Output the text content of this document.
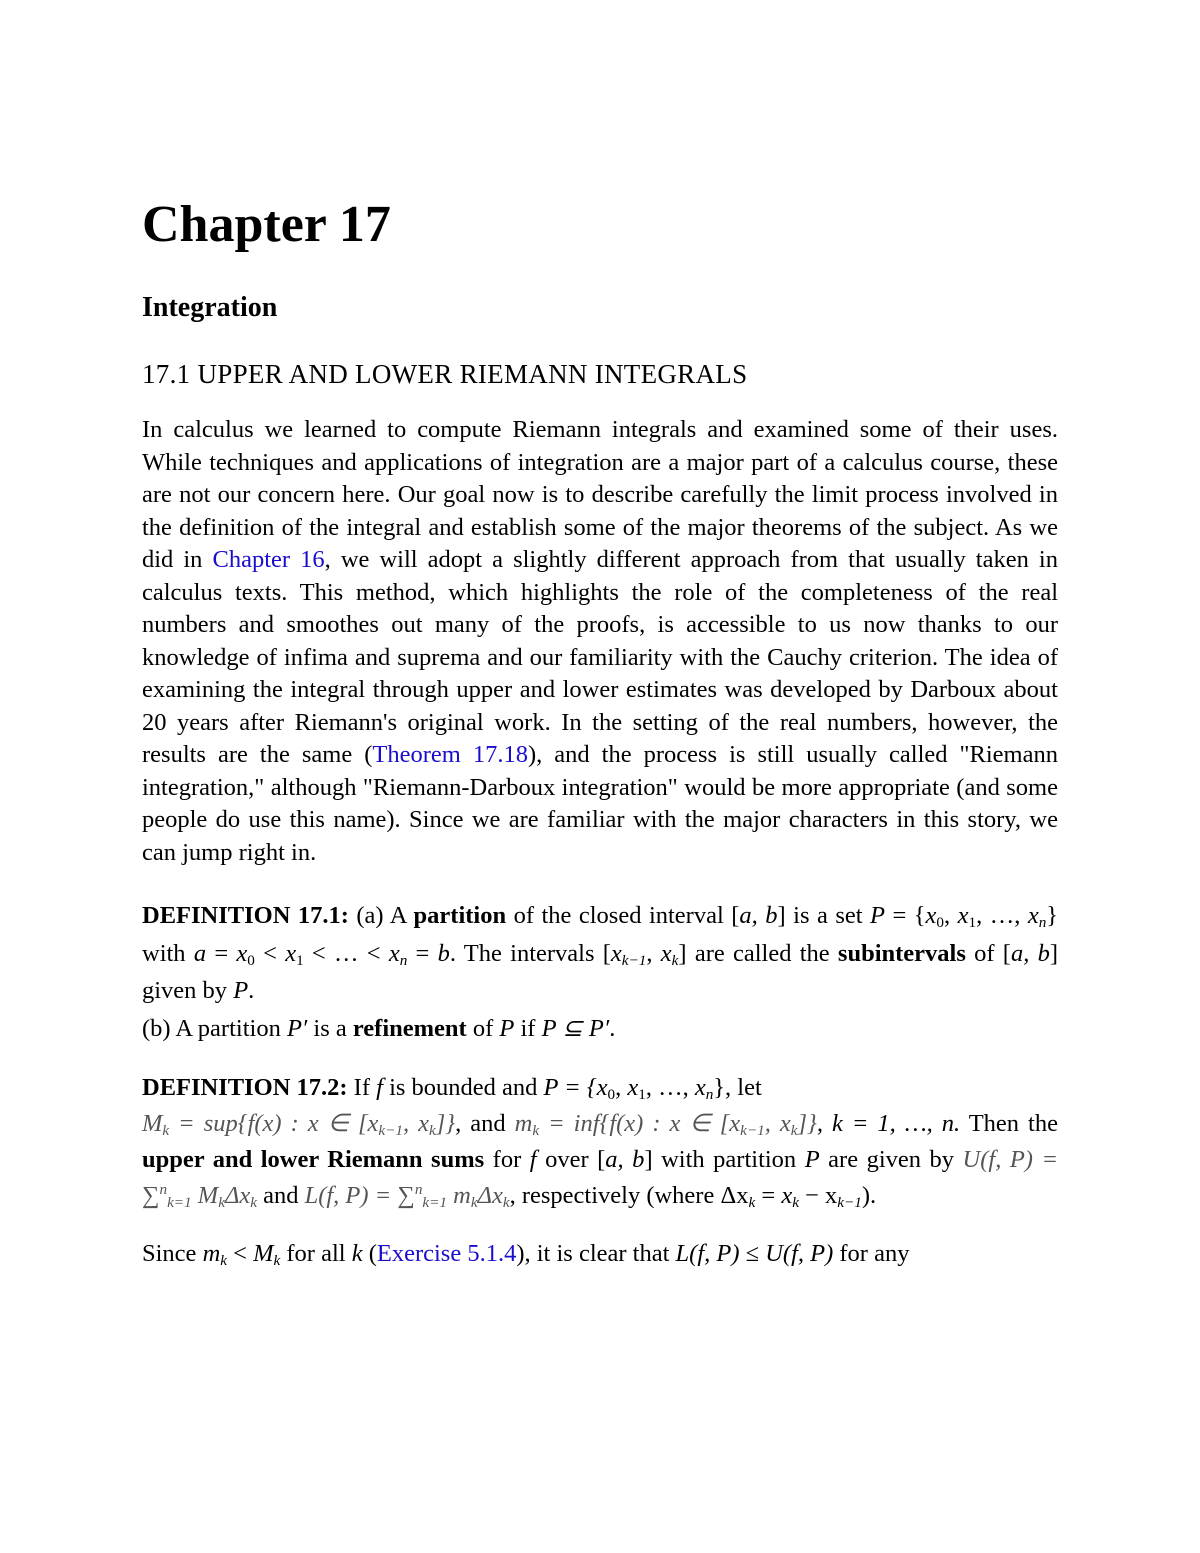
Chapter 17
Integration
17.1 UPPER AND LOWER RIEMANN INTEGRALS

In calculus we learned to compute Riemann integrals and examined some of their uses. While techniques and applications of integration are a major part of a calculus course, these are not our concern here. Our goal now is to describe carefully the limit process involved in the definition of the integral and establish some of the major theorems of the subject. As we did in Chapter 16, we will adopt a slightly different approach from that usually taken in calculus texts. This method, which highlights the role of the completeness of the real numbers and smoothes out many of the proofs, is accessible to us now thanks to our knowledge of infima and suprema and our familiarity with the Cauchy criterion. The idea of examining the integral through upper and lower estimates was developed by Darboux about 20 years after Riemann's original work. In the setting of the real numbers, however, the results are the same (Theorem 17.18), and the process is still usually called "Riemann integration," although "Riemann-Darboux integration" would be more appropriate (and some people do use this name). Since we are familiar with the major characters in this story, we can jump right in.

DEFINITION 17.1: (a) A partition of the closed interval [a, b] is a set $P = \{x_0$, $x_1$, …, $x_n$} with $a = x_0 < x_1$ < … < $x_n = b$. The intervals [$x_{k-1}$, $x_k$] are called the subintervals of [a, b] given by P.
(b) A partition P′ is a refinement of P if P ⊆ P′.

DEFINITION 17.2: If f is bounded and $P = \{x_0$, $x_1$, …, $x_n$}, let
$M_k = sup\{f(x)$ : x ∈ [$x_{k-1}$, $x_k$]}, and $m_k = inf\{f(x)$ : x ∈ [$x_{k-1}$, $x_k$]}, k = 1, …, n. Then the upper and lower Riemann sums for f over [a, b] with partition P are given by U(f, P) = ∑$^n_{k=1}$ $M_k\Delta x_k$ and L(f, P) = ∑$^n_{k=1}$ $m_k\Delta x_k$, respectively (where $\Delta x_k = x_k - x_{k-1}$).

Since $m_k < M_k$ for all k (Exercise 5.1.4), it is clear that L(f, P) ≤ U(f, P) for any
